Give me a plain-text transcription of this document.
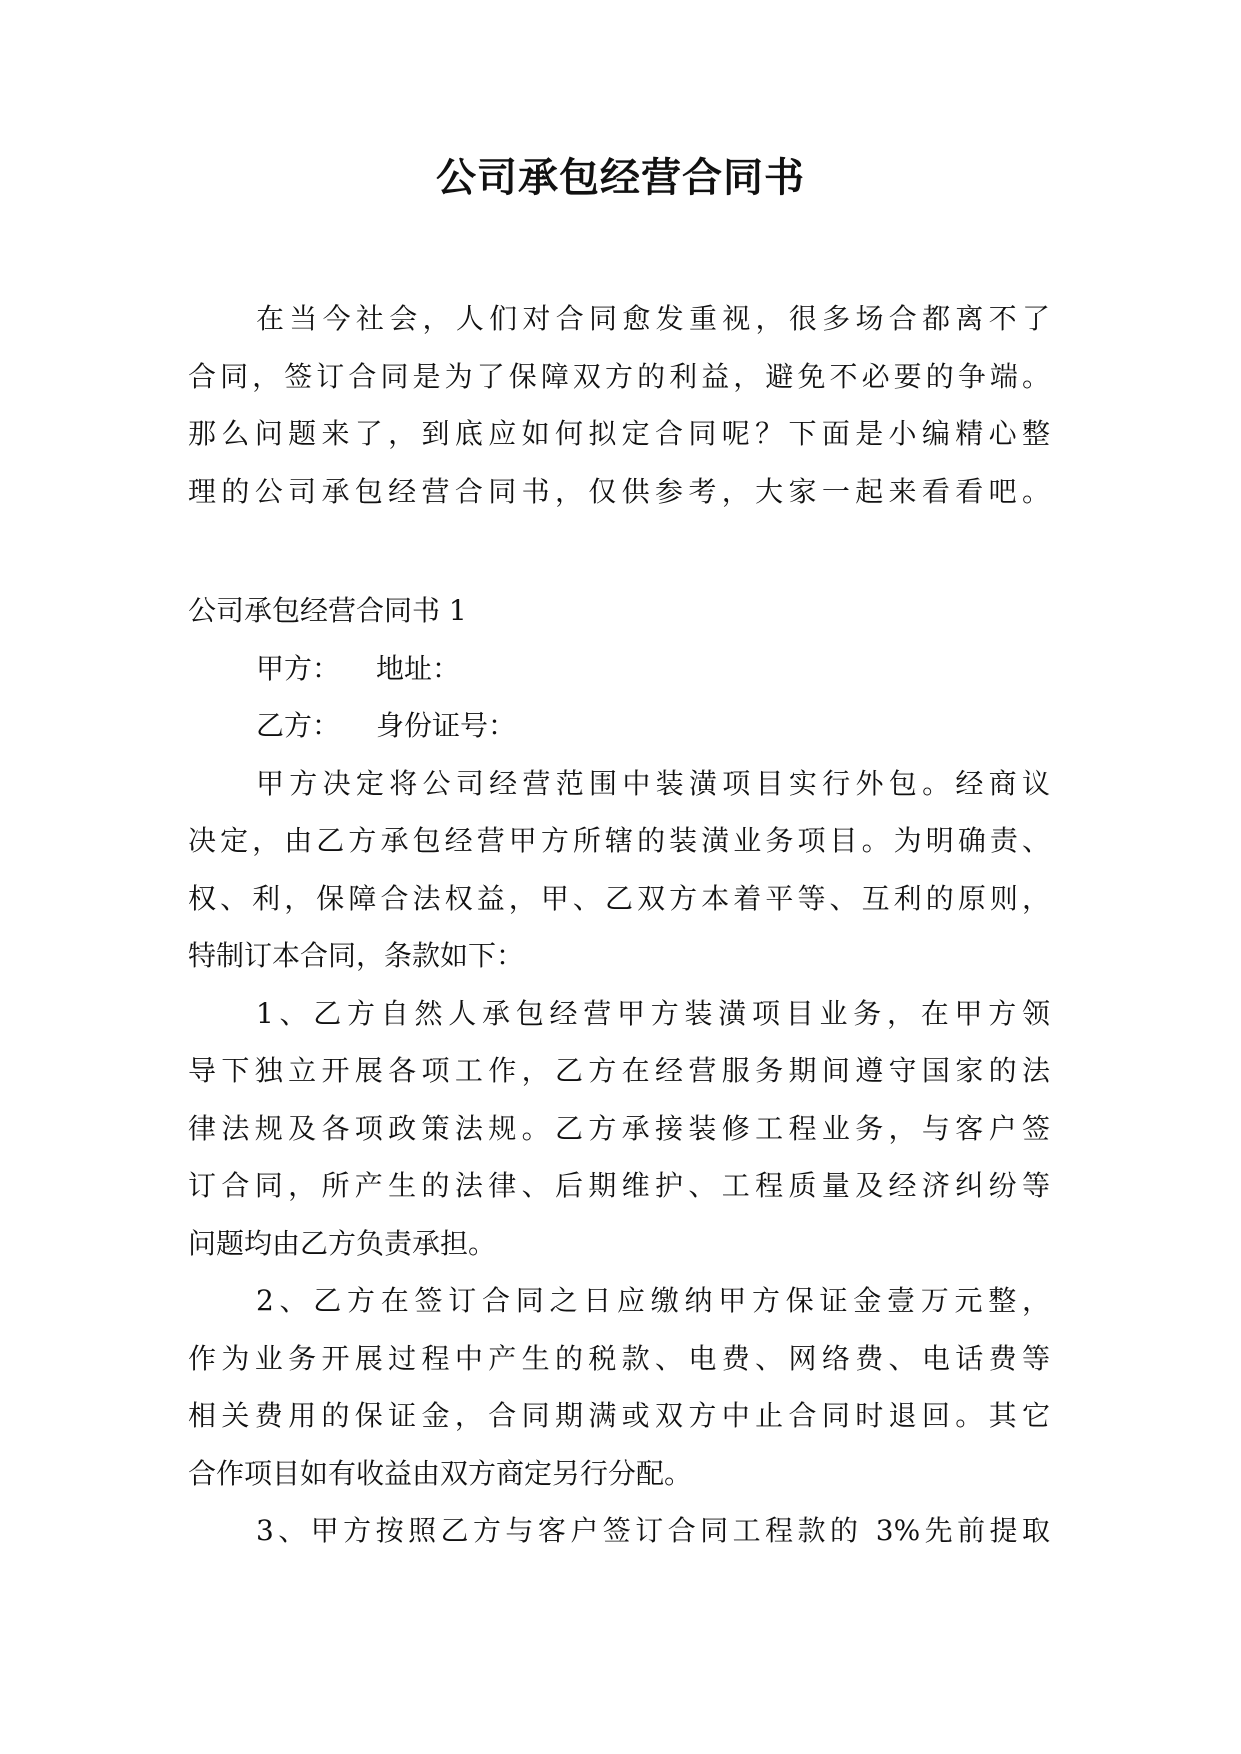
公司承包经营合同书
在当今社会，人们对合同愈发重视，很多场合都离不了
合同，签订合同是为了保障双方的利益，避免不必要的争端。
那么问题来了，到底应如何拟定合同呢？下面是小编精心整
理的公司承包经营合同书，仅供参考，大家一起来看看吧。
公司承包经营合同书 1
甲方： 地址：
乙方： 身份证号：
甲方决定将公司经营范围中装潢项目实行外包。经商议
决定，由乙方承包经营甲方所辖的装潢业务项目。为明确责、
权、利，保障合法权益，甲、乙双方本着平等、互利的原则，
特制订本合同，条款如下：
1、乙方自然人承包经营甲方装潢项目业务，在甲方领
导下独立开展各项工作，乙方在经营服务期间遵守国家的法
律法规及各项政策法规。乙方承接装修工程业务，与客户签
订合同，所产生的法律、后期维护、工程质量及经济纠纷等
问题均由乙方负责承担。
2、乙方在签订合同之日应缴纳甲方保证金壹万元整，
作为业务开展过程中产生的税款、电费、网络费、电话费等
相关费用的保证金，合同期满或双方中止合同时退回。其它
合作项目如有收益由双方商定另行分配。
3、甲方按照乙方与客户签订合同工程款的 3%先前提取
